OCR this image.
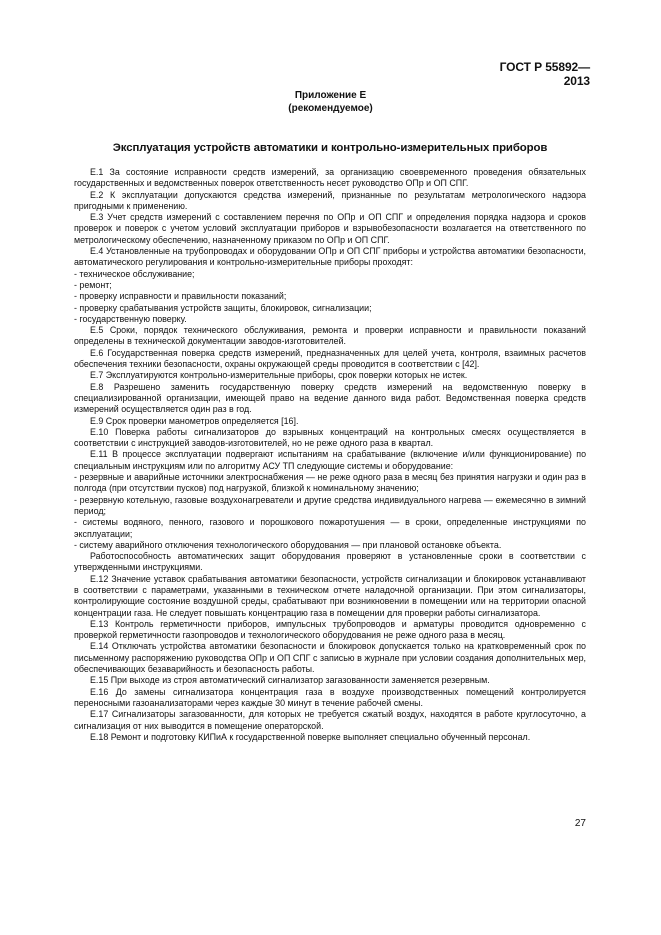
ГОСТ Р 55892—2013
Приложение Е
(рекомендуемое)
Эксплуатация устройств автоматики и контрольно-измерительных приборов

Е.1 За состояние исправности средств измерений, за организацию своевременного проведения обязательных государственных и ведомственных поверок ответственность несет руководство ОПр и ОП СПГ.

Е.2 К эксплуатации допускаются средства измерений, признанные по результатам метрологического надзора пригодными к применению.

Е.3 Учет средств измерений с составлением перечня по ОПр и ОП СПГ и определения порядка надзора и сроков проверок и поверок с учетом условий эксплуатации приборов и взрывобезопасности возлагается на ответственного по метрологическому обеспечению, назначенному приказом по ОПр и ОП СПГ.

Е.4 Установленные на трубопроводах и оборудовании ОПр и ОП СПГ приборы и устройства автоматики безопасности, автоматического регулирования и контрольно-измерительные приборы проходят:

- техническое обслуживание;

- ремонт;

- проверку исправности и правильности показаний;

- проверку срабатывания устройств защиты, блокировок, сигнализации;

- государственную поверку.

Е.5 Сроки, порядок технического обслуживания, ремонта и проверки исправности и правильности показаний определены в технической документации заводов-изготовителей.

Е.6 Государственная поверка средств измерений, предназначенных для целей учета, контроля, взаимных расчетов обеспечения техники безопасности, охраны окружающей среды проводится в соответствии с [42].

Е.7 Эксплуатируются контрольно-измерительные приборы, срок поверки которых не истек.

Е.8 Разрешено заменить государственную поверку средств измерений на ведомственную поверку в специализированной организации, имеющей право на ведение данного вида работ. Ведомственная поверка средств измерений осуществляется один раз в год.

Е.9 Срок проверки манометров определяется [16].

Е.10 Поверка работы сигнализаторов до взрывных концентраций на контрольных смесях осуществляется в соответствии с инструкцией заводов-изготовителей, но не реже одного раза в квартал.

Е.11 В процессе эксплуатации подвергают испытаниям на срабатывание (включение и/или функционирование) по специальным инструкциям или по алгоритму АСУ ТП следующие системы и оборудование:

- резервные и аварийные источники электроснабжения — не реже одного раза в месяц без принятия нагрузки и один раз в полгода (при отсутствии пусков) под нагрузкой, близкой к номинальному значению;

- резервную котельную, газовые воздухонагреватели и другие средства индивидуального нагрева — ежемесячно в зимний период;

- системы водяного, пенного, газового и порошкового пожаротушения — в сроки, определенные инструкциями по эксплуатации;

- систему аварийного отключения технологического оборудования — при плановой остановке объекта.

Работоспособность автоматических защит оборудования проверяют в установленные сроки в соответствии с утвержденными инструкциями.

Е.12 Значение уставок срабатывания автоматики безопасности, устройств сигнализации и блокировок устанавливают в соответствии с параметрами, указанными в техническом отчете наладочной организации. При этом сигнализаторы, контролирующие состояние воздушной среды, срабатывают при возникновении в помещении или на территории опасной концентрации газа. Не следует повышать концентрацию газа в помещении для проверки работы сигнализатора.

Е.13 Контроль герметичности приборов, импульсных трубопроводов и арматуры проводится одновременно с проверкой герметичности газопроводов и технологического оборудования не реже одного раза в месяц.

Е.14 Отключать устройства автоматики безопасности и блокировок допускается только на кратковременный срок по письменному распоряжению руководства ОПр и ОП СПГ с записью в журнале при условии создания дополнительных мер, обеспечивающих безаварийность и безопасность работы.

Е.15 При выходе из строя автоматический сигнализатор загазованности заменяется резервным.

Е.16 До замены сигнализатора концентрация газа в воздухе производственных помещений контролируется переносными газоанализаторами через каждые 30 минут в течение рабочей смены.

Е.17 Сигнализаторы загазованности, для которых не требуется сжатый воздух, находятся в работе круглосуточно, а сигнализация от них выводится в помещение операторской.

Е.18 Ремонт и подготовку КИПиА к государственной поверке выполняет специально обученный персонал.

27
